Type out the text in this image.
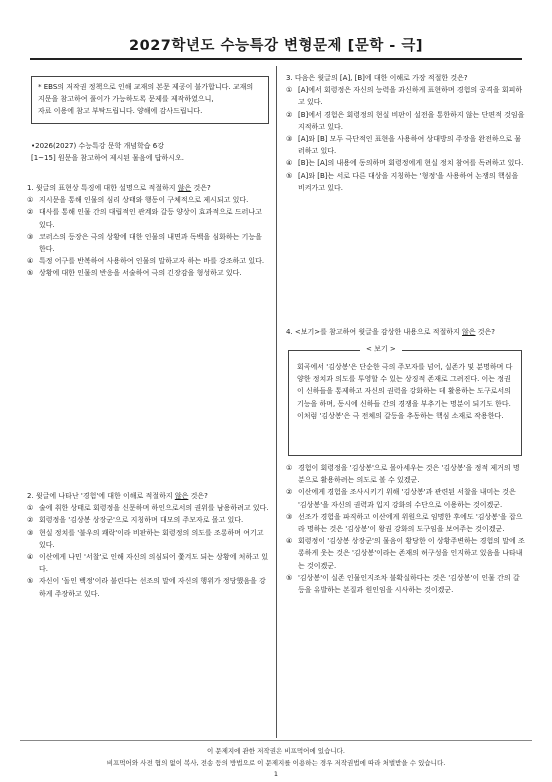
2027학년도 수능특강 변형문제 [문학 - 극]
* EBS의 저작권 정책으로 인해 교재의 본문 제공이 불가합니다. 교재의
지문을 참고하여 풀이가 가능하도록 문제를 제작하였으니,
자료 이용에 참고 부탁드립니다. 양해에 감사드립니다.
•2026(2027) 수능특강 문학 개념학습 6강
[1~15] 원문을 참고하여 제시된 물음에 답하시오.
1. 윗글의 표현상 특징에 대한 설명으로 적절하지 않은 것은?
① 지시문을 통해 인물의 심리 상태와 행동이 구체적으로 제시되고 있다.
② 대사를 통해 인물 간의 대립적인 관계와 갈등 양상이 효과적으로 드러나고 있다.
③ 코러스의 등장은 극의 상황에 대한 인물의 내면과 독백을 심화하는 기능을 한다.
④ 특정 어구를 반복하여 사용하여 인물의 말하고자 하는 바를 강조하고 있다.
⑤ 상황에 대한 인물의 반응을 서술하여 극의 긴장감을 형성하고 있다.
2. 윗글에 나타난 '경험'에 대한 이해로 적절하지 않은 것은?
① 술에 취한 상태로 회령정을 신문하며 하인으로서의 권위를 남용하려고 있다.
② 회령정을 '김상봉 상장군'으로 지칭하며 대모의 주모자로 몰고 있다.
③ 현실 정치를 '불우의 쾌락'이라 비판하는 회령정의 의도를 조롱하며 여기고 있다.
④ 이산에게 나민 '서찰'로 인해 자신의 의심되어 쫓겨도 되는 상황에 처하고 있다.
⑤ 자신이 '돌인 백정'이라 불린다는 선조의 말에 자신의 행위가 정당했음을 강하게 주장하고 있다.
3. 다음은 윗글의 [A], [B]에 대한 이해로 가장 적절한 것은?
① [A]에서 회령정은 자신의 능력을 과신하게 표현하며 경험의 공격을 회피하고 있다.
② [B]에서 경험은 회령정의 현실 비판이 설전을 통한하지 않는 단편적 것임을 지적하고 있다.
③ [A]와 [B] 모두 극단적인 표현을 사용하여 상대방의 주장을 완전하으로 물러하고 있다.
④ [B]는 [A]의 내용에 동의하며 회령정에게 현실 정치 참여를 독려하고 있다.
⑤ [A]와 [B]는 서로 다른 대상을 지칭하는 '형정'을 사용하여 논쟁의 핵심을 비켜가고 있다.
4. <보기>를 참고하여 윗글을 감상한 내용으로 적절하지 않은 것은?
회곡에서 '김상봉'은 단순한 극의 주모자를 넘어, 실존가 및 분명하며 다양한 정치과 의도를 투영할 수 있는 상징적 존재로 그려진다. 이는 정권이 신하들을 통제하고 자신의 권력을 강화하는 데 활용하는 도구로서의 기능을 하며, 동시에 신하들 간의 경쟁을 부추기는 명분이 되기도 한다. 이처럼 '김상봉'은 극 전체의 갈등을 추동하는 핵심 소재로 작용한다.
< 보기 >
① 경험이 회령정을 '김상봉'으로 몰아세우는 것은 '김상봉'을 정적 제거의 명분으로 활용하려는 의도로 볼 수 있겠군.
② 이산에게 경험을 조사시키기 위해 '김상봉'과 관련된 서찰을 내미는 것은 '김상봉'을 자신의 권력과 입지 강화의 수단으로 이용하는 것이겠군.
③ 선조가 경험을 파직하고 이산에게 위원으로 임명한 후에도 '김상봉'을 잡으라 명하는 것은 '김상봉'이 왕권 강화의 도구임을 보여주는 것이겠군.
④ 회령정이 '김상봉 상장군'의 물음이 황당한 이 상황주변하는 경험의 말에 조롱하게 웃는 것은 '김상봉'이라는 존재의 허구성을 인지하고 있음을 나타내는 것이겠군.
⑤ '김상봉'이 실존 인물인지조차 불확실하다는 것은 '김상봉'이 인물 간의 갈등을 유발하는 본질과 원인임을 시사하는 것이겠군.
이 문제지에 관한 저작권은 비프먹어에 있습니다.
비프먹어와 사전 협의 없이 복사, 전송 등의 방법으로 이 문제지를 이용하는 경우 저작권법에 따라 처벌받을 수 있습니다.
1
